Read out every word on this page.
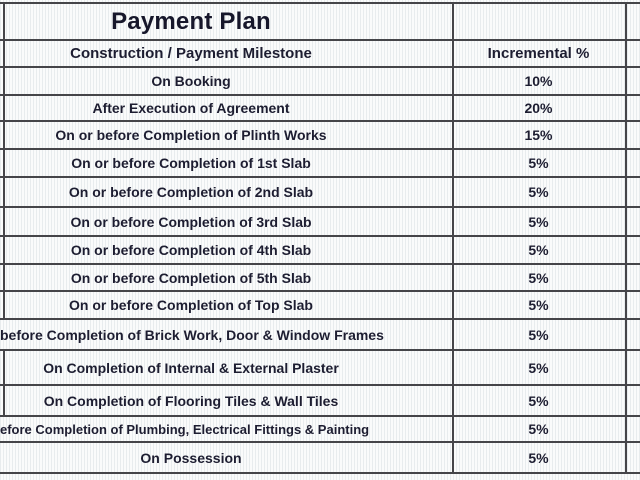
Payment Plan
Construction / Payment Milestone	Incremental %
On Booking	10%
After Execution of Agreement	20%
On or before Completion of Plinth Works	15%
On or before Completion of 1st Slab	5%
On or before Completion of 2nd Slab	5%
On or before Completion of 3rd Slab	5%
On or before Completion of 4th Slab	5%
On or before Completion of 5th Slab	5%
On or before Completion of Top Slab	5%
before Completion of Brick Work, Door & Window Frames	5%
On Completion of Internal & External Plaster	5%
On Completion of Flooring Tiles & Wall Tiles	5%
efore Completion of Plumbing, Electrical Fittings & Painting	5%
On Possession	5%
